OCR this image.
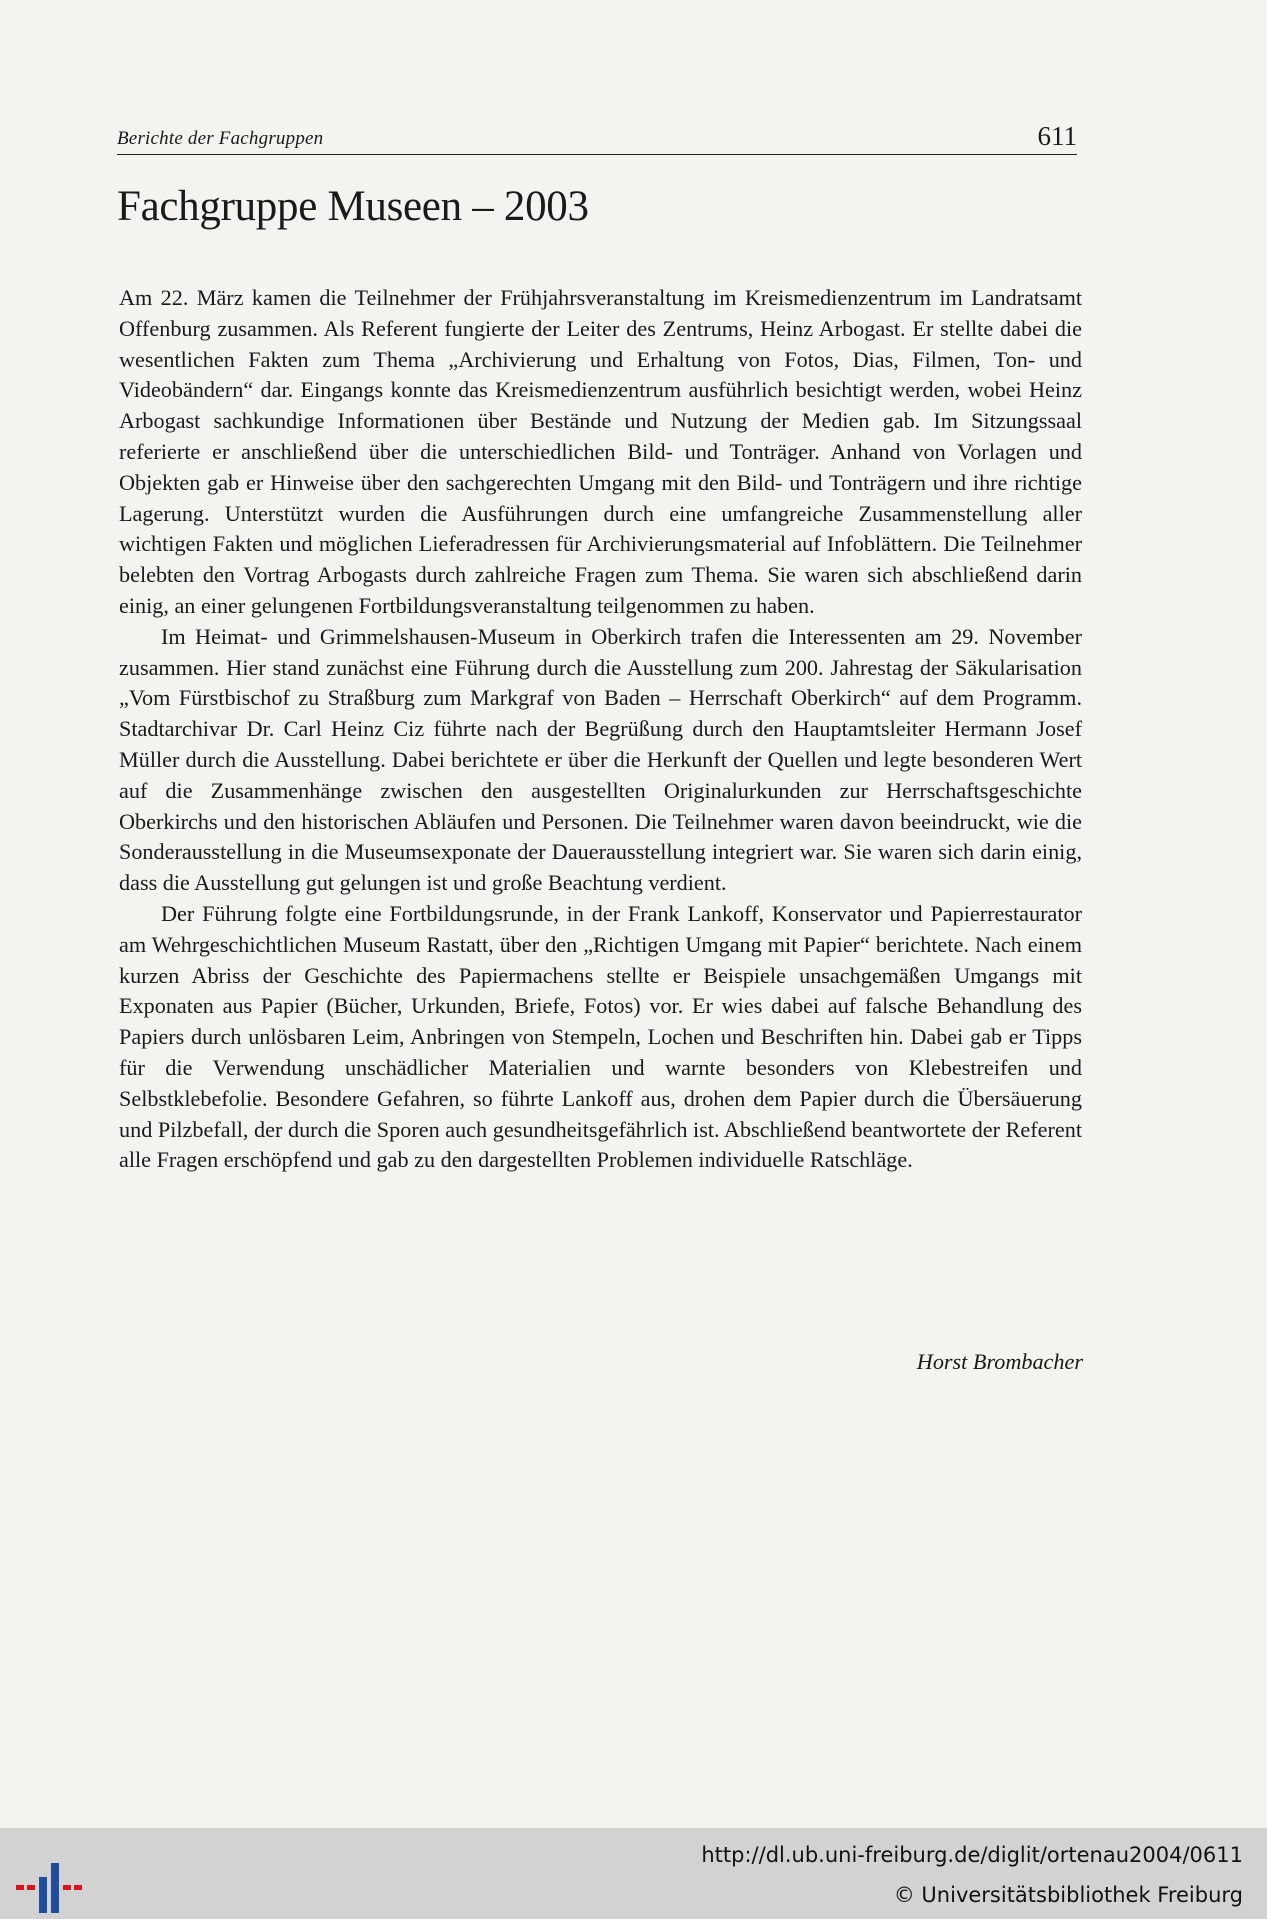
Berichte der Fachgruppen	611
Fachgruppe Museen – 2003

Am 22. März kamen die Teilnehmer der Frühjahrsveranstaltung im Kreismedienzentrum im Landratsamt Offenburg zusammen. Als Referent fungierte der Leiter des Zentrums, Heinz Arbogast. Er stellte dabei die wesentlichen Fakten zum Thema „Archivierung und Erhaltung von Fotos, Dias, Filmen, Ton- und Videobändern“ dar. Eingangs konnte das Kreismedienzentrum ausführlich besichtigt werden, wobei Heinz Arbogast sachkundige Informationen über Bestände und Nutzung der Medien gab. Im Sitzungssaal referierte er anschließend über die unterschiedlichen Bild- und Tonträger. Anhand von Vorlagen und Objekten gab er Hinweise über den sachgerechten Umgang mit den Bild- und Tonträgern und ihre richtige Lagerung. Unterstützt wurden die Ausführungen durch eine umfangreiche Zusammenstellung aller wichtigen Fakten und möglichen Lieferadressen für Archivierungsmaterial auf Infoblättern. Die Teilnehmer belebten den Vortrag Arbogasts durch zahlreiche Fragen zum Thema. Sie waren sich abschließend darin einig, an einer gelungenen Fortbildungsveranstaltung teilgenommen zu haben.

Im Heimat- und Grimmelshausen-Museum in Oberkirch trafen die Interessenten am 29. November zusammen. Hier stand zunächst eine Führung durch die Ausstellung zum 200. Jahrestag der Säkularisation „Vom Fürstbischof zu Straßburg zum Markgraf von Baden – Herrschaft Oberkirch“ auf dem Programm. Stadtarchivar Dr. Carl Heinz Ciz führte nach der Begrüßung durch den Hauptamtsleiter Hermann Josef Müller durch die Ausstellung. Dabei berichtete er über die Herkunft der Quellen und legte besonderen Wert auf die Zusammenhänge zwischen den ausgestellten Originalurkunden zur Herrschaftsgeschichte Oberkirchs und den historischen Abläufen und Personen. Die Teilnehmer waren davon beeindruckt, wie die Sonderausstellung in die Museumsexponate der Dauerausstellung integriert war. Sie waren sich darin einig, dass die Ausstellung gut gelungen ist und große Beachtung verdient.

Der Führung folgte eine Fortbildungsrunde, in der Frank Lankoff, Konservator und Papierrestaurator am Wehrgeschichtlichen Museum Rastatt, über den „Richtigen Umgang mit Papier“ berichtete. Nach einem kurzen Abriss der Geschichte des Papiermachens stellte er Beispiele unsachgemäßen Umgangs mit Exponaten aus Papier (Bücher, Urkunden, Briefe, Fotos) vor. Er wies dabei auf falsche Behandlung des Papiers durch unlösbaren Leim, Anbringen von Stempeln, Lochen und Beschriften hin. Dabei gab er Tipps für die Verwendung unschädlicher Materialien und warnte besonders von Klebestreifen und Selbstklebefolie. Besondere Gefahren, so führte Lankoff aus, drohen dem Papier durch die Übersäuerung und Pilzbefall, der durch die Sporen auch gesundheitsgefährlich ist. Abschließend beantwortete der Referent alle Fragen erschöpfend und gab zu den dargestellten Problemen individuelle Ratschläge.

Horst Brombacher
http://dl.ub.uni-freiburg.de/diglit/ortenau2004/0611
© Universitätsbibliothek Freiburg
